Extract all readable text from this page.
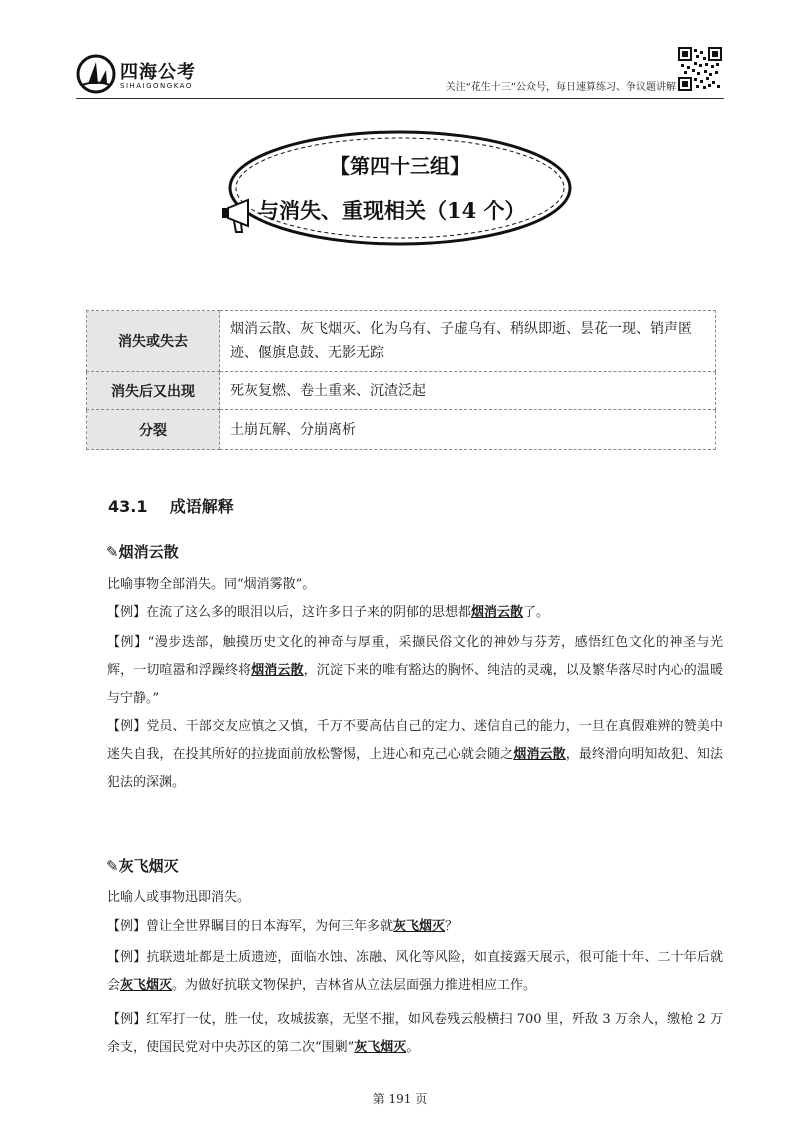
四海公考
SIHAIGONGKAO	关注“花生十三”公众号，每日速算练习、争议题讲解
【第四十三组】
与消失、重现相关（14 个）
消失或失去	烟消云散、灰飞烟灭、化为乌有、子虚乌有、稍纵即逝、昙花一现、销声匿迹、偃旗息鼓、无影无踪
消失后又出现	死灰复燃、卷土重来、沉渣泛起
分裂	土崩瓦解、分崩离析
43.1 成语解释
✎烟消云散
比喻事物全部消失。同“烟消雾散”。
【例】在流了这么多的眼泪以后，这许多日子来的阴郁的思想都烟消云散了。
【例】“漫步迭部，触摸历史文化的神奇与厚重，采撷民俗文化的神妙与芬芳，感悟红色文化的神圣与光辉，一切喧嚣和浮躁终将烟消云散，沉淀下来的唯有豁达的胸怀、纯洁的灵魂，以及繁华落尽时内心的温暖与宁静。”
【例】党员、干部交友应慎之又慎，千万不要高估自己的定力、迷信自己的能力，一旦在真假难辨的赞美中迷失自我，在投其所好的拉拢面前放松警惕，上进心和克己心就会随之烟消云散，最终滑向明知故犯、知法犯法的深渊。
✎灰飞烟灭
比喻人或事物迅即消失。
【例】曾让全世界瞩目的日本海军，为何三年多就灰飞烟灭？
【例】抗联遗址都是土质遗迹，面临水蚀、冻融、风化等风险，如直接露天展示，很可能十年、二十年后就会灰飞烟灭。为做好抗联文物保护，吉林省从立法层面强力推进相应工作。
【例】红军打一仗，胜一仗，攻城拔寨，无坚不摧，如风卷残云般横扫 700 里，歼敌 3 万余人，缴枪 2 万余支，使国民党对中央苏区的第二次“围剿”灰飞烟灭。
第 191 页
